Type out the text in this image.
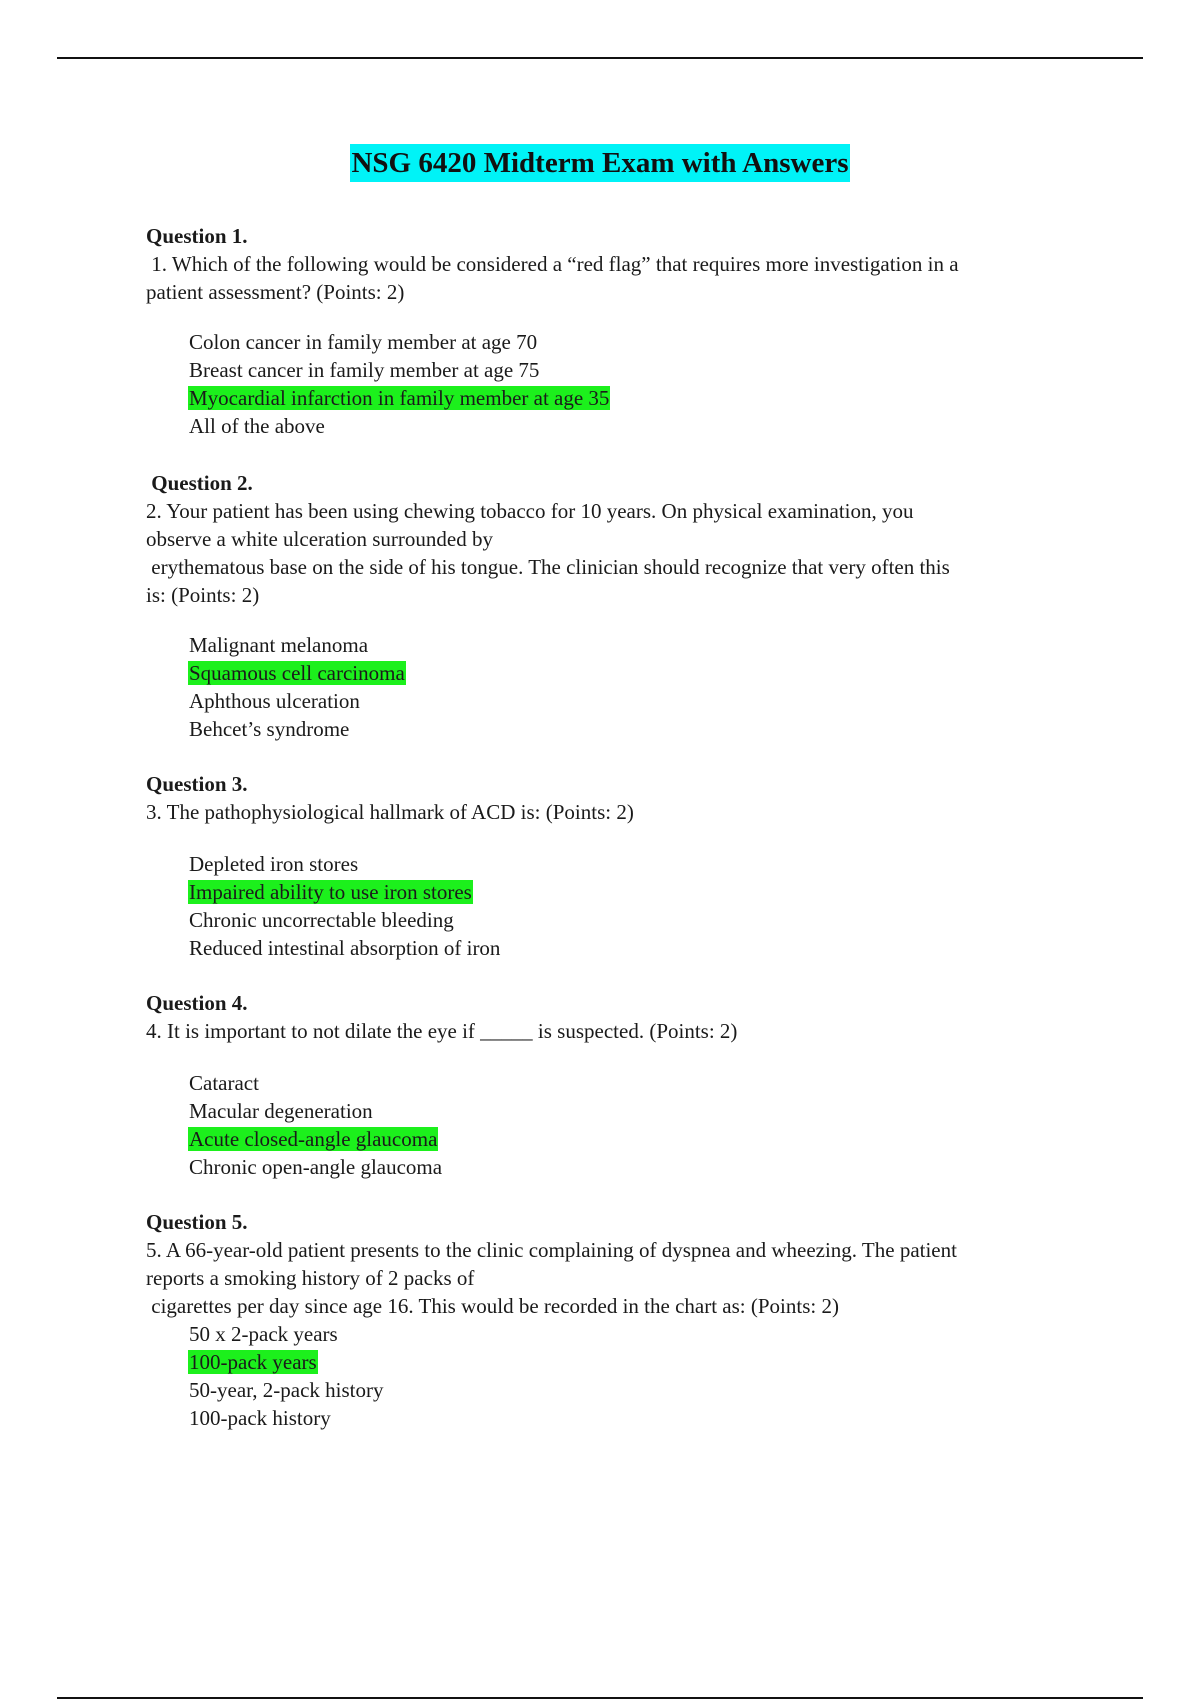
NSG 6420 Midterm Exam with Answers

Question 1.

1. Which of the following would be considered a “red flag” that requires more investigation in a
patient assessment? (Points: 2)

Colon cancer in family member at age 70
Breast cancer in family member at age 75
Myocardial infarction in family member at age 35
All of the above

Question 2.

2. Your patient has been using chewing tobacco for 10 years. On physical examination, you
observe a white ulceration surrounded by
erythematous base on the side of his tongue. The clinician should recognize that very often this
is: (Points: 2)

Malignant melanoma
Squamous cell carcinoma
Aphthous ulceration
Behcet’s syndrome

Question 3.

3. The pathophysiological hallmark of ACD is: (Points: 2)

Depleted iron stores
Impaired ability to use iron stores
Chronic uncorrectable bleeding
Reduced intestinal absorption of iron

Question 4.

4. It is important to not dilate the eye if _____ is suspected. (Points: 2)

Cataract
Macular degeneration
Acute closed-angle glaucoma
Chronic open-angle glaucoma

Question 5.

5. A 66-year-old patient presents to the clinic complaining of dyspnea and wheezing. The patient
reports a smoking history of 2 packs of
cigarettes per day since age 16. This would be recorded in the chart as: (Points: 2)

50 x 2-pack years
100-pack years
50-year, 2-pack history
100-pack history
